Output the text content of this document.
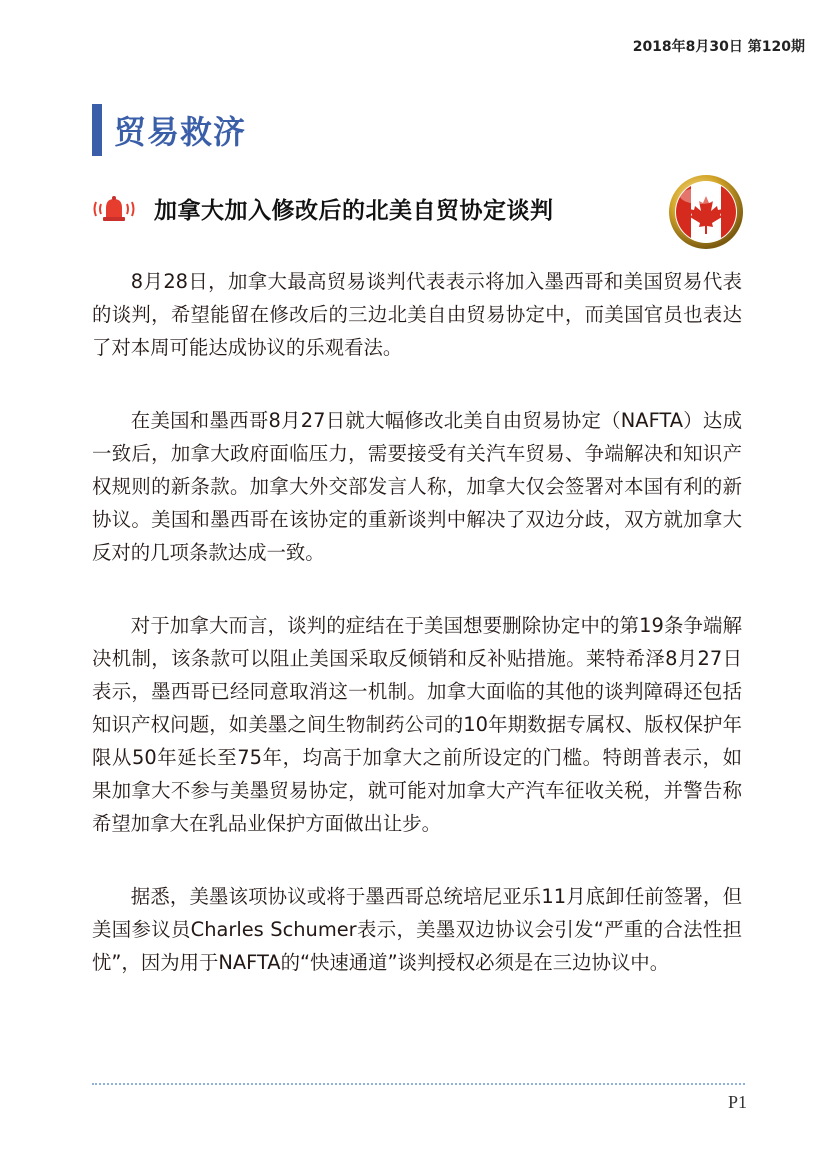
2018年8月30日 第120期
贸易救济
加拿大加入修改后的北美自贸协定谈判

8月28日，加拿大最高贸易谈判代表表示将加入墨西哥和美国贸易代表的谈判，希望能留在修改后的三边北美自由贸易协定中，而美国官员也表达了对本周可能达成协议的乐观看法。

在美国和墨西哥8月27日就大幅修改北美自由贸易协定（NAFTA）达成一致后，加拿大政府面临压力，需要接受有关汽车贸易、争端解决和知识产权规则的新条款。加拿大外交部发言人称，加拿大仅会签署对本国有利的新协议。美国和墨西哥在该协定的重新谈判中解决了双边分歧，双方就加拿大反对的几项条款达成一致。

对于加拿大而言，谈判的症结在于美国想要删除协定中的第19条争端解决机制，该条款可以阻止美国采取反倾销和反补贴措施。莱特希泽8月27日表示，墨西哥已经同意取消这一机制。加拿大面临的其他的谈判障碍还包括知识产权问题，如美墨之间生物制药公司的10年期数据专属权、版权保护年限从50年延长至75年，均高于加拿大之前所设定的门槛。特朗普表示，如果加拿大不参与美墨贸易协定，就可能对加拿大产汽车征收关税，并警告称希望加拿大在乳品业保护方面做出让步。

据悉，美墨该项协议或将于墨西哥总统培尼亚乐11月底卸任前签署，但美国参议员Charles Schumer表示，美墨双边协议会引发“严重的合法性担忧”，因为用于NAFTA的“快速通道”谈判授权必须是在三边协议中。

P1
